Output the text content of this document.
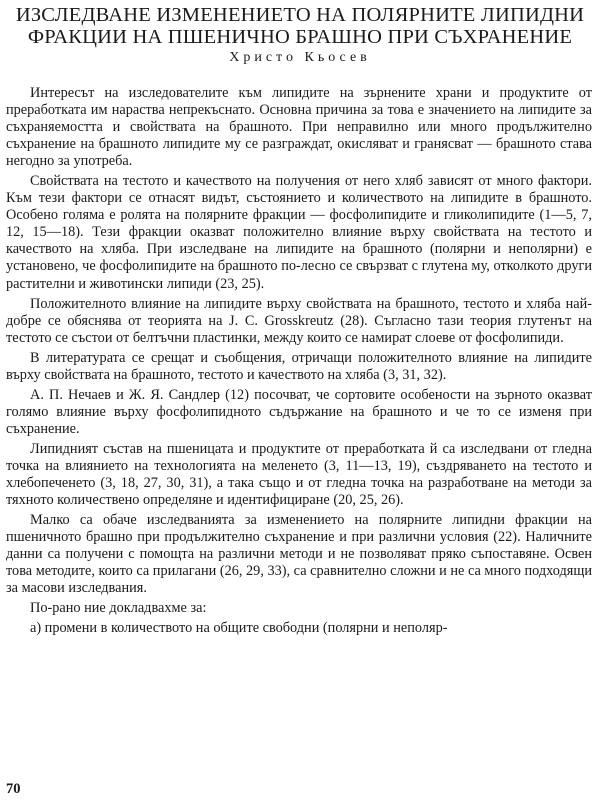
ИЗСЛЕДВАНЕ ИЗМЕНЕНИЕТО НА ПОЛЯРНИТЕ ЛИПИДНИ
ФРАКЦИИ НА ПШЕНИЧНО БРАШНО ПРИ СЪХРАНЕНИЕ
Христо Кьосев

Интересът на изследователите към липидите на зърнените храни и продуктите от преработката им нараства непрекъснато. Основна причина за това е значението на липидите за съхраняемостта и свойствата на брашното. При неправилно или много продължително съхранение на брашното липидите му се разграждат, окисляват и гранясват — брашното става негодно за употреба.

Свойствата на тестото и качеството на получения от него хляб зависят от много фактори. Към тези фактори се отнасят видът, състоянието и количеството на липидите в брашното. Особено голяма е ролята на полярните фракции — фосфолипидите и гликолипидите (1—5, 7, 12, 15—18). Тези фракции оказват положително влияние върху свойствата на тестото и качеството на хляба. При изследване на липидите на брашното (полярни и неполярни) е установено, че фосфолипидите на брашното по-лесно се свързват с глутена му, отколкото други растителни и животински липиди (23, 25).

Положителното влияние на липидите върху свойствата на брашното, тестото и хляба най-добре се обяснява от теорията на J. C. Grosskreutz (28). Съгласно тази теория глутенът на тестото се състои от белтъчни пластинки, между които се намират слоеве от фосфолипиди.

В литературата се срещат и съобщения, отричащи положителното влияние на липидите върху свойствата на брашното, тестото и качеството на хляба (3, 31, 32).

А. П. Нечаев и Ж. Я. Сандлер (12) посочват, че сортовите особености на зърното оказват голямо влияние върху фосфолипидното съдържание на брашното и че то се изменя при съхранение.

Липидният състав на пшеницата и продуктите от преработката й са изследвани от гледна точка на влиянието на технологията на меленето (3, 11—13, 19), създряването на тестото и хлебопеченето (3, 18, 27, 30, 31), а така също и от гледна точка на разработване на методи за тяхното количествено определяне и идентифициране (20, 25, 26).

Малко са обаче изследванията за изменението на полярните липидни фракции на пшеничното брашно при продължително съхранение и при различни условия (22). Наличните данни са получени с помощта на различни методи и не позволяват пряко съпоставяне. Освен това методите, които са прилагани (26, 29, 33), са сравнително сложни и не са много подходящи за масови изследвания.

По-рано ние докладвахме за:

а) промени в количеството на общите свободни (полярни и неполяр-

70
